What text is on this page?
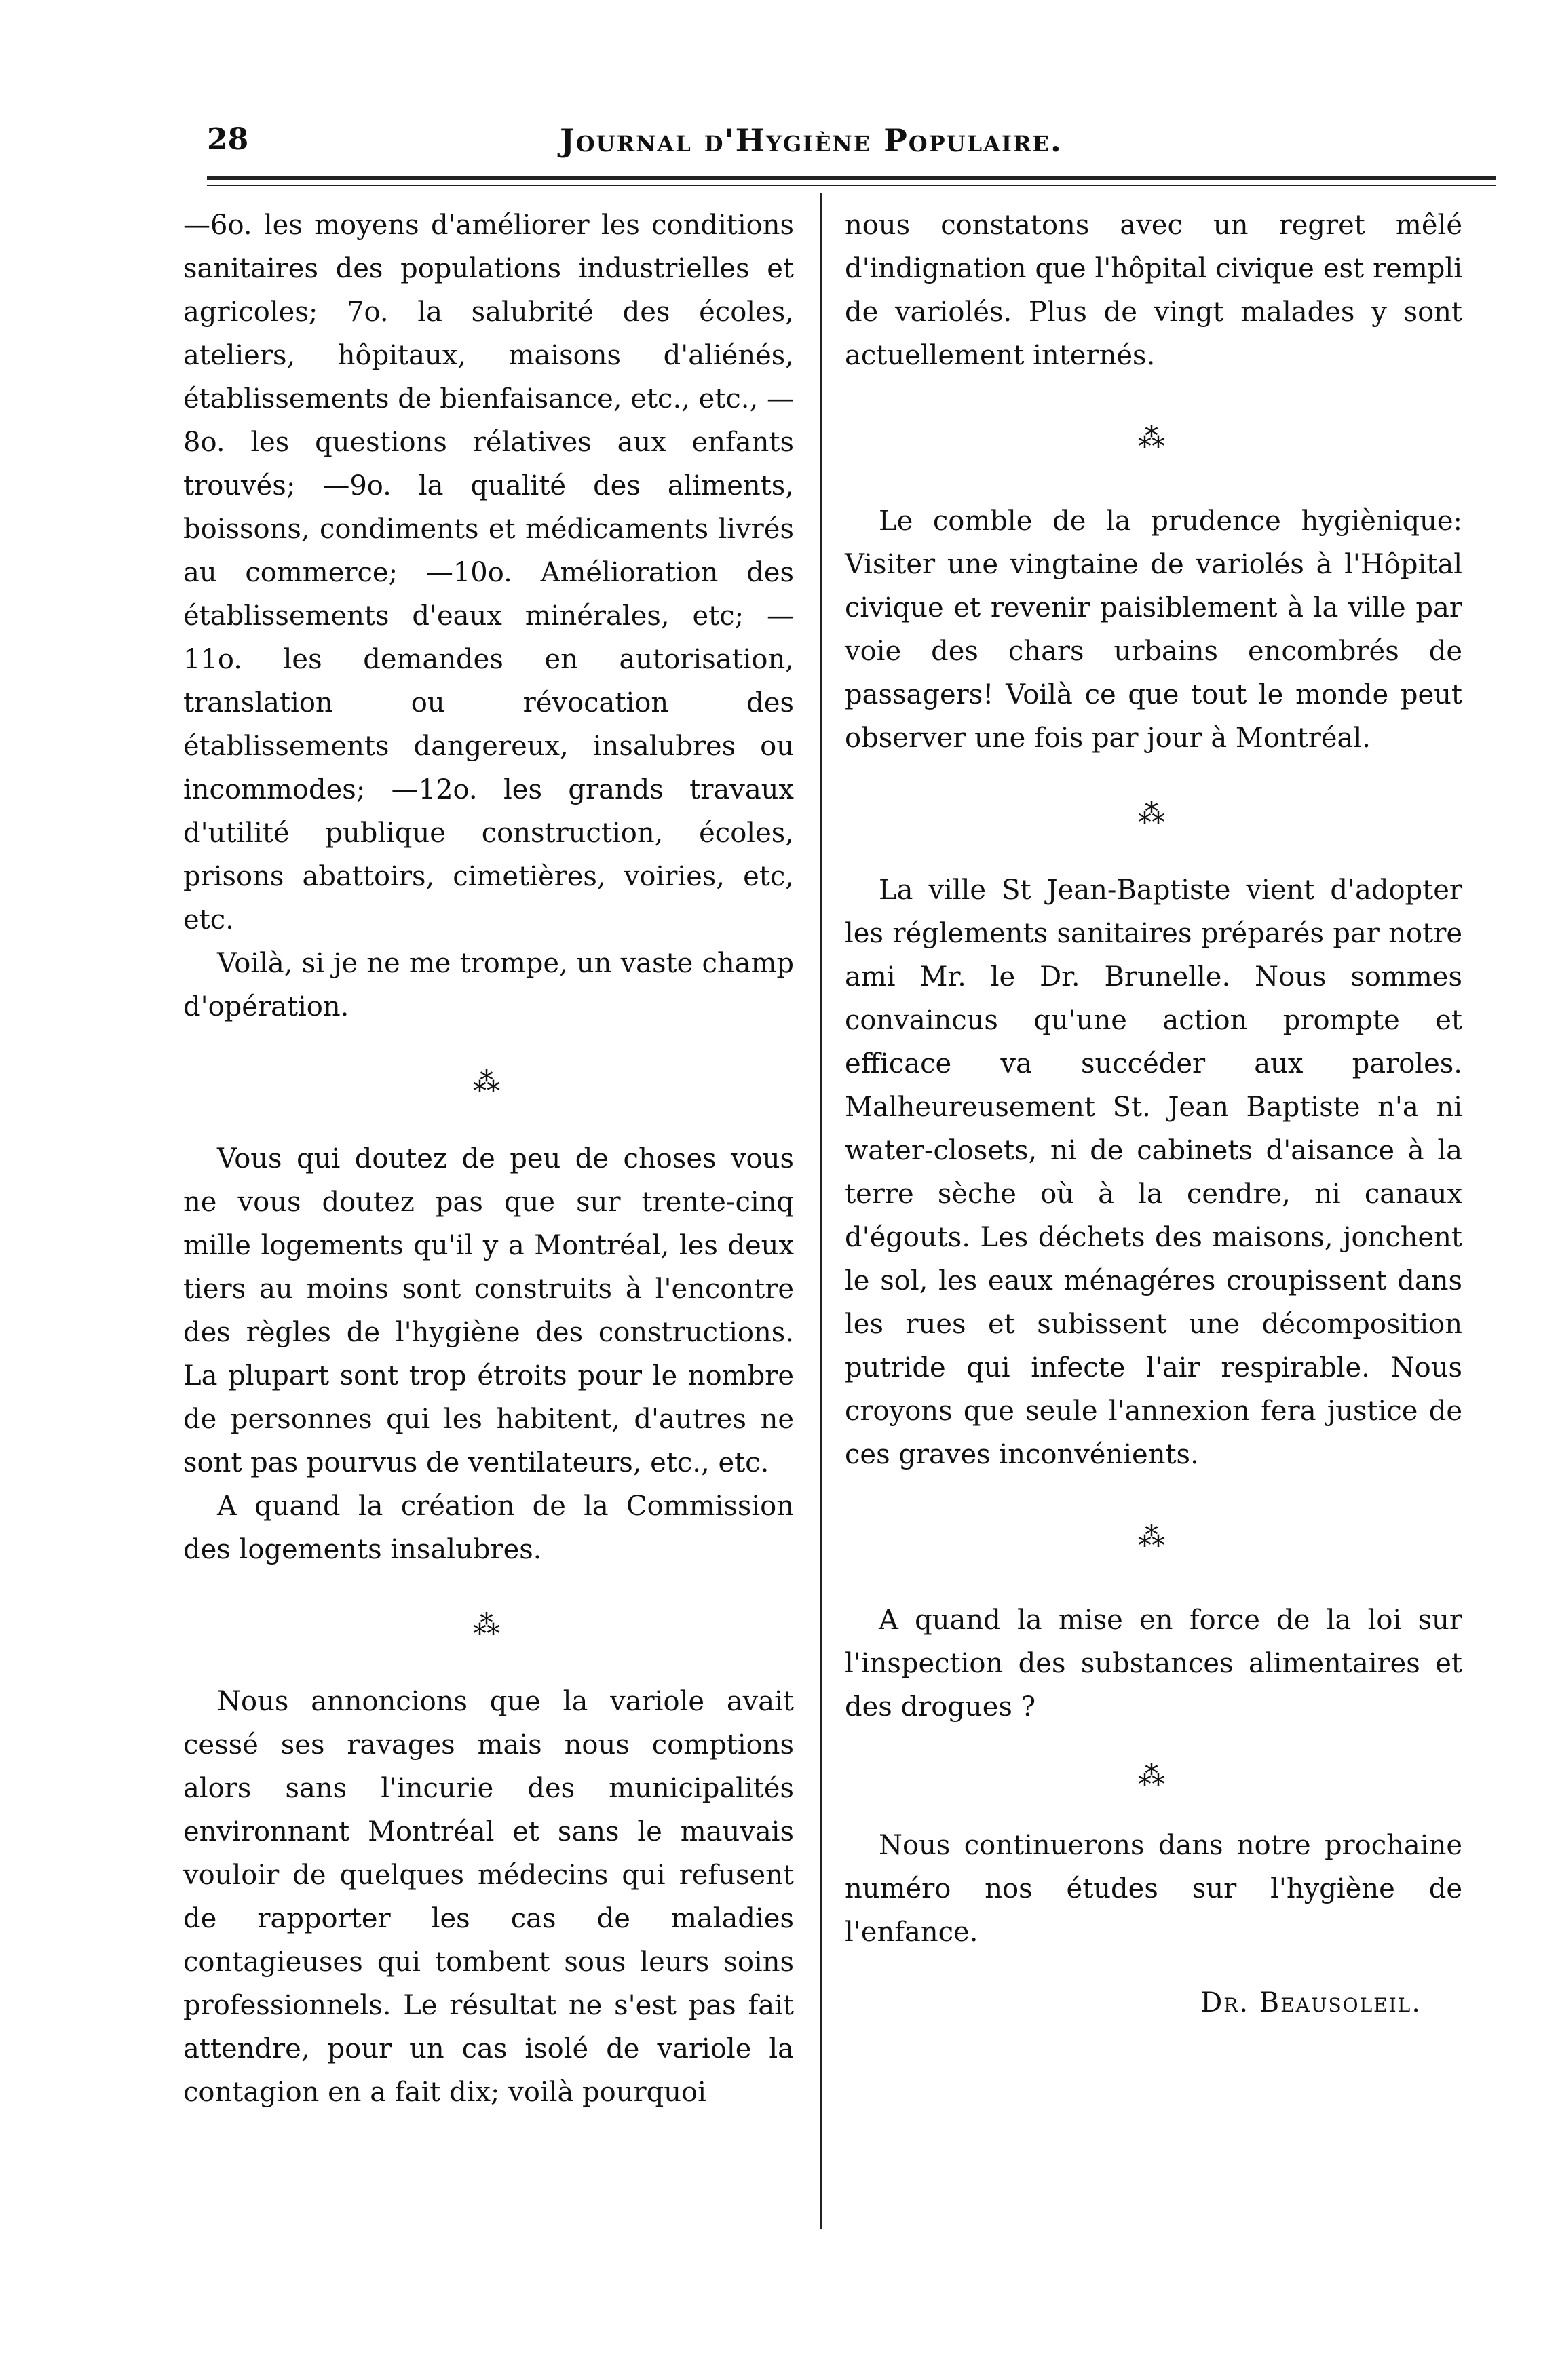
28	Journal d'Hygiène Populaire.

—6o. les moyens d'améliorer les conditions sanitaires des populations industrielles et agricoles; 7o. la salubrité des écoles, ateliers, hôpitaux, maisons d'aliénés, établissements de bienfaisance, etc., etc., —8o. les questions rélatives aux enfants trouvés; —9o. la qualité des aliments, boissons, condiments et médicaments livrés au commerce; —10o. Amélioration des établissements d'eaux minérales, etc; —11o. les demandes en autorisation, translation ou révocation des établissements dangereux, insalubres ou incommodes; —12o. les grands travaux d'utilité publique construction, écoles, prisons abattoirs, cimetières, voiries, etc, etc.

Voilà, si je ne me trompe, un vaste champ d'opération.

⁂

Vous qui doutez de peu de choses vous ne vous doutez pas que sur trente-cinq mille logements qu'il y a Montréal, les deux tiers au moins sont construits à l'encontre des règles de l'hygiène des constructions. La plupart sont trop étroits pour le nombre de personnes qui les habitent, d'autres ne sont pas pourvus de ventilateurs, etc., etc.

A quand la création de la Commission des logements insalubres.

⁂

Nous annoncions que la variole avait cessé ses ravages mais nous comptions alors sans l'incurie des municipalités environnant Montréal et sans le mauvais vouloir de quelques médecins qui refusent de rapporter les cas de maladies contagieuses qui tombent sous leurs soins professionnels. Le résultat ne s'est pas fait attendre, pour un cas isolé de variole la contagion en a fait dix; voilà pourquoi

nous constatons avec un regret mêlé d'indignation que l'hôpital civique est rempli de variolés. Plus de vingt malades y sont actuellement internés.

⁂

Le comble de la prudence hygiènique: Visiter une vingtaine de variolés à l'Hôpital civique et revenir paisiblement à la ville par voie des chars urbains encombrés de passagers! Voilà ce que tout le monde peut observer une fois par jour à Montréal.

⁂

La ville St Jean-Baptiste vient d'adopter les réglements sanitaires préparés par notre ami Mr. le Dr. Brunelle. Nous sommes convaincus qu'une action prompte et efficace va succéder aux paroles. Malheureusement St. Jean Baptiste n'a ni water-closets, ni de cabinets d'aisance à la terre sèche où à la cendre, ni canaux d'égouts. Les déchets des maisons, jonchent le sol, les eaux ménagéres croupissent dans les rues et subissent une décomposition putride qui infecte l'air respirable. Nous croyons que seule l'annexion fera justice de ces graves inconvénients.

⁂

A quand la mise en force de la loi sur l'inspection des substances alimentaires et des drogues ?

⁂

Nous continuerons dans notre prochaine numéro nos études sur l'hygiène de l'enfance.

Dr. Beausoleil.
